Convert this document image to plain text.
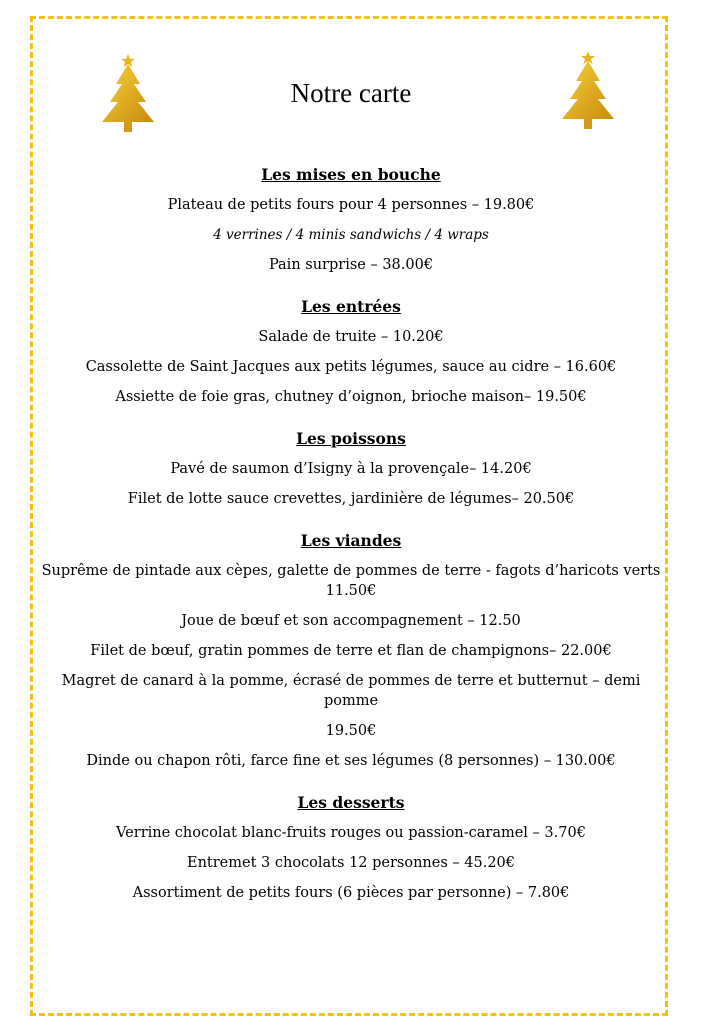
Notre carte
Les mises en bouche
Plateau de petits fours pour 4 personnes – 19.80€
4 verrines / 4 minis sandwichs / 4 wraps
Pain surprise – 38.00€
Les entrées
Salade de truite – 10.20€
Cassolette de Saint Jacques aux petits légumes, sauce au cidre – 16.60€
Assiette de foie gras, chutney d’oignon, brioche maison– 19.50€
Les poissons
Pavé de saumon d’Isigny à la provençale– 14.20€
Filet de lotte sauce crevettes, jardinière de légumes– 20.50€
Les viandes
Suprême de pintade aux cèpes, galette de pommes de terre - fagots d’haricots verts 11.50€
Joue de bœuf et son accompagnement – 12.50
Filet de bœuf, gratin pommes de terre et flan de champignons– 22.00€
Magret de canard à la pomme, écrasé de pommes de terre et butternut – demi pomme
19.50€
Dinde ou chapon rôti, farce fine et ses légumes (8 personnes) – 130.00€
Les desserts
Verrine chocolat blanc-fruits rouges ou passion-caramel – 3.70€
Entremet 3 chocolats 12 personnes – 45.20€
Assortiment de petits fours (6 pièces par personne) – 7.80€
